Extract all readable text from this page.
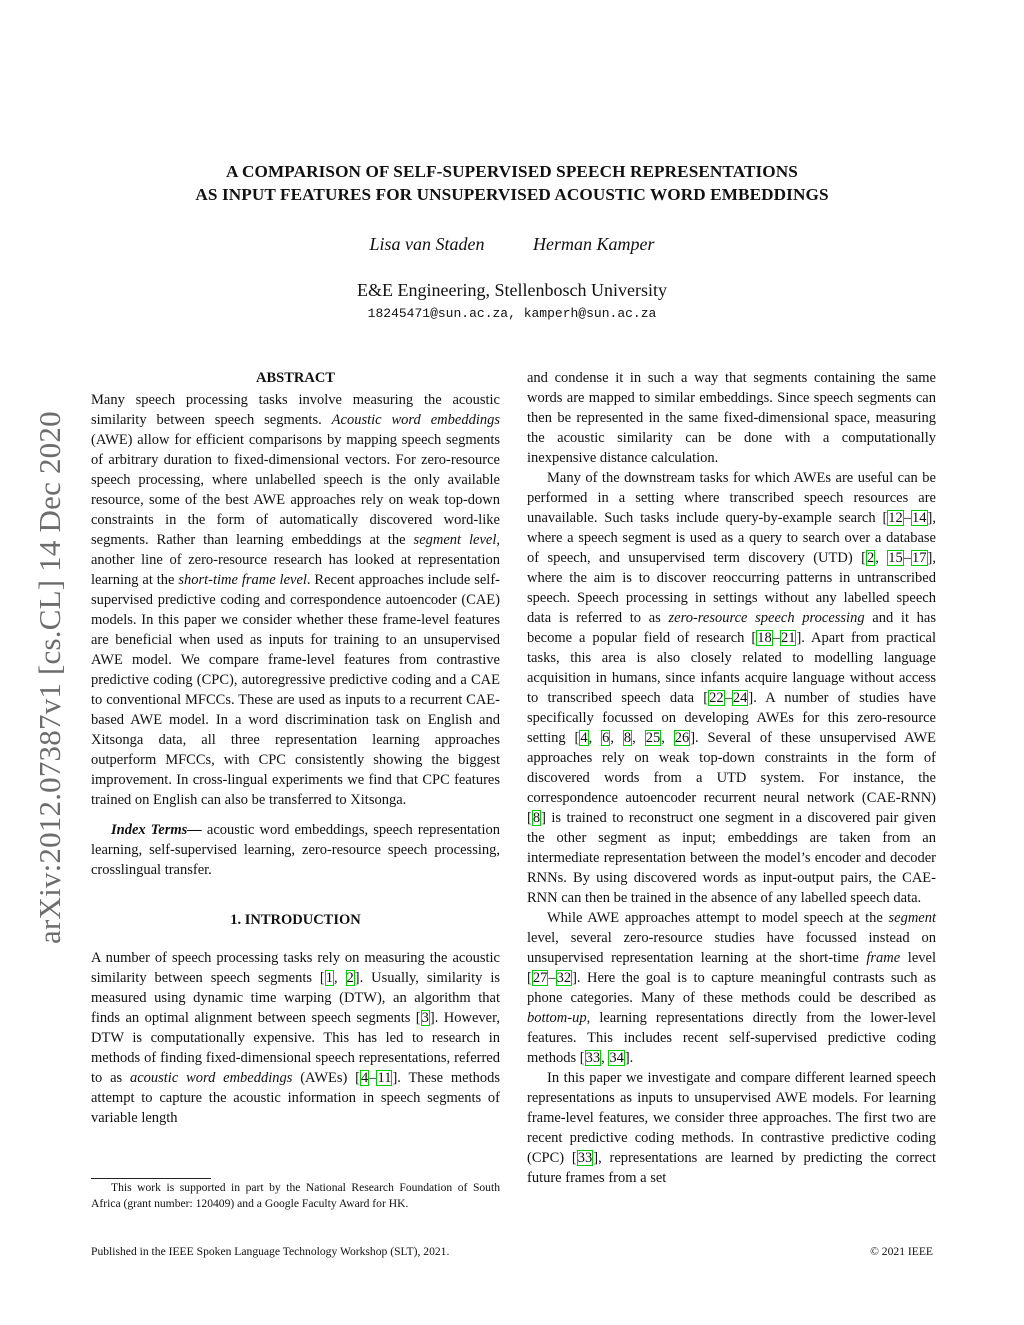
A COMPARISON OF SELF-SUPERVISED SPEECH REPRESENTATIONS
AS INPUT FEATURES FOR UNSUPERVISED ACOUSTIC WORD EMBEDDINGS
Lisa van Staden	Herman Kamper
E&E Engineering, Stellenbosch University
18245471@sun.ac.za, kamperh@sun.ac.za
arXiv:2012.07387v1 [cs.CL] 14 Dec 2020
ABSTRACT

Many speech processing tasks involve measuring the acoustic similarity between speech segments. Acoustic word embeddings (AWE) allow for efficient comparisons by mapping speech segments of arbitrary duration to fixed-dimensional vectors. For zero-resource speech processing, where unlabelled speech is the only available resource, some of the best AWE approaches rely on weak top-down constraints in the form of automatically discovered word-like segments. Rather than learning embeddings at the segment level, another line of zero-resource research has looked at representation learning at the short-time frame level. Recent approaches include self-supervised predictive coding and correspondence autoencoder (CAE) models. In this paper we consider whether these frame-level features are beneficial when used as inputs for training to an unsupervised AWE model. We compare frame-level features from contrastive predictive coding (CPC), autoregressive predictive coding and a CAE to conventional MFCCs. These are used as inputs to a recurrent CAE-based AWE model. In a word discrimination task on English and Xitsonga data, all three representation learning approaches outperform MFCCs, with CPC consistently showing the biggest improvement. In cross-lingual experiments we find that CPC features trained on English can also be transferred to Xitsonga.

Index Terms— acoustic word embeddings, speech representation learning, self-supervised learning, zero-resource speech processing, crosslingual transfer.

1. INTRODUCTION

A number of speech processing tasks rely on measuring the acoustic similarity between speech segments [1, 2]. Usually, similarity is measured using dynamic time warping (DTW), an algorithm that finds an optimal alignment between speech segments [3]. However, DTW is computationally expensive. This has led to research in methods of finding fixed-dimensional speech representations, referred to as acoustic word embeddings (AWEs) [4–11]. These methods attempt to capture the acoustic information in speech segments of variable length

This work is supported in part by the National Research Foundation of South Africa (grant number: 120409) and a Google Faculty Award for HK.

and condense it in such a way that segments containing the same words are mapped to similar embeddings. Since speech segments can then be represented in the same fixed-dimensional space, measuring the acoustic similarity can be done with a computationally inexpensive distance calculation.

Many of the downstream tasks for which AWEs are useful can be performed in a setting where transcribed speech resources are unavailable. Such tasks include query-by-example search [12–14], where a speech segment is used as a query to search over a database of speech, and unsupervised term discovery (UTD) [2, 15–17], where the aim is to discover reoccurring patterns in untranscribed speech. Speech processing in settings without any labelled speech data is referred to as zero-resource speech processing and it has become a popular field of research [18–21]. Apart from practical tasks, this area is also closely related to modelling language acquisition in humans, since infants acquire language without access to transcribed speech data [22–24]. A number of studies have specifically focussed on developing AWEs for this zero-resource setting [4, 6, 8, 25, 26]. Several of these unsupervised AWE approaches rely on weak top-down constraints in the form of discovered words from a UTD system. For instance, the correspondence autoencoder recurrent neural network (CAE-RNN) [8] is trained to reconstruct one segment in a discovered pair given the other segment as input; embeddings are taken from an intermediate representation between the model’s encoder and decoder RNNs. By using discovered words as input-output pairs, the CAE-RNN can then be trained in the absence of any labelled speech data.

While AWE approaches attempt to model speech at the segment level, several zero-resource studies have focussed instead on unsupervised representation learning at the short-time frame level [27–32]. Here the goal is to capture meaningful contrasts such as phone categories. Many of these methods could be described as bottom-up, learning representations directly from the lower-level features. This includes recent self-supervised predictive coding methods [33, 34].

In this paper we investigate and compare different learned speech representations as inputs to unsupervised AWE models. For learning frame-level features, we consider three approaches. The first two are recent predictive coding methods. In contrastive predictive coding (CPC) [33], representations are learned by predicting the correct future frames from a set

Published in the IEEE Spoken Language Technology Workshop (SLT), 2021.	© 2021 IEEE
